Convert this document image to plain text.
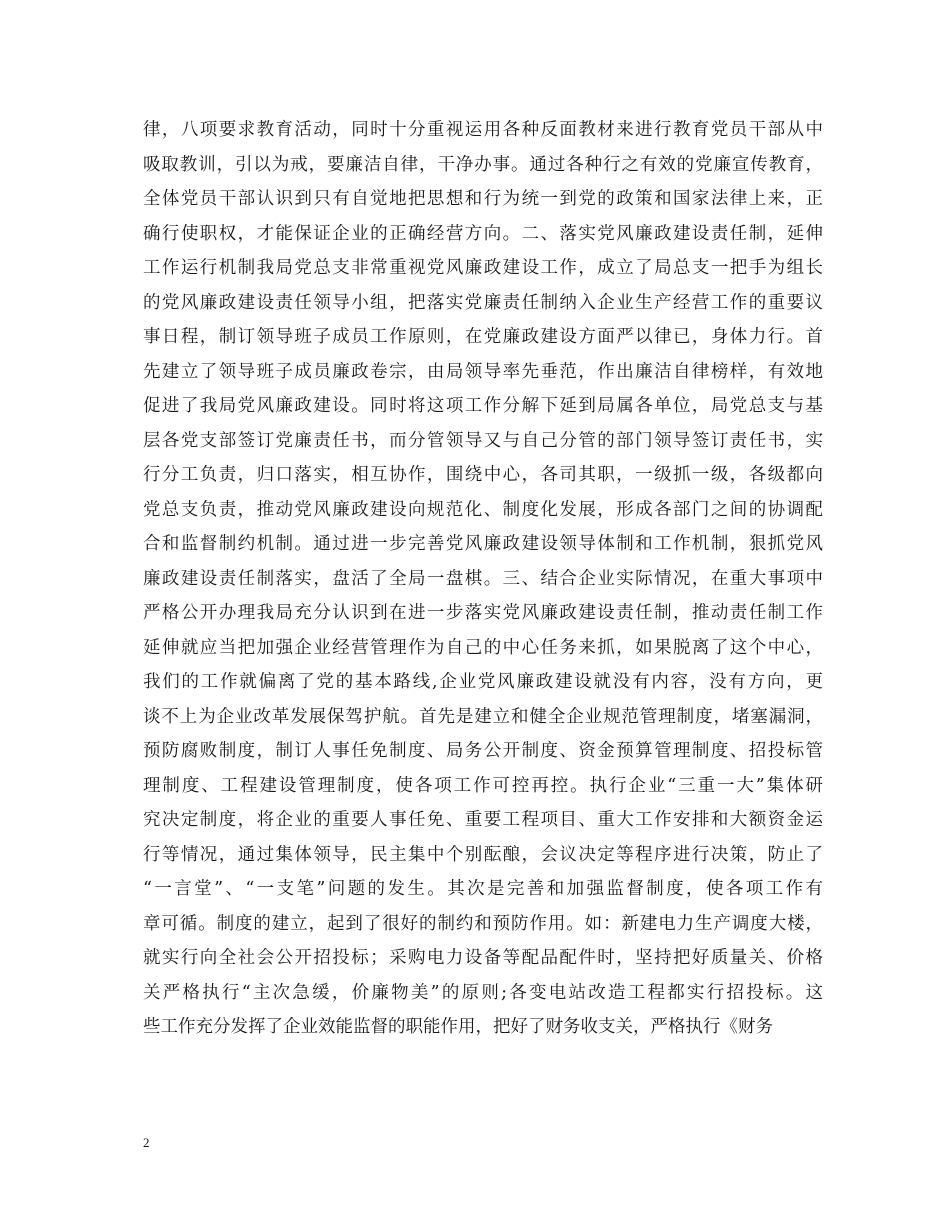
律，八项要求教育活动，同时十分重视运用各种反面教材来进行教育党员干部从中
吸取教训，引以为戒，要廉洁自律，干净办事。通过各种行之有效的党廉宣传教育，
全体党员干部认识到只有自觉地把思想和行为统一到党的政策和国家法律上来，正
确行使职权，才能保证企业的正确经营方向。二、落实党风廉政建设责任制，延伸
工作运行机制我局党总支非常重视党风廉政建设工作，成立了局总支一把手为组长
的党风廉政建设责任领导小组，把落实党廉责任制纳入企业生产经营工作的重要议
事日程，制订领导班子成员工作原则，在党廉政建设方面严以律已，身体力行。首
先建立了领导班子成员廉政卷宗，由局领导率先垂范，作出廉洁自律榜样，有效地
促进了我局党风廉政建设。同时将这项工作分解下延到局属各单位，局党总支与基
层各党支部签订党廉责任书，而分管领导又与自己分管的部门领导签订责任书，实
行分工负责，归口落实，相互协作，围绕中心，各司其职，一级抓一级，各级都向
党总支负责，推动党风廉政建设向规范化、制度化发展，形成各部门之间的协调配
合和监督制约机制。通过进一步完善党风廉政建设领导体制和工作机制，狠抓党风
廉政建设责任制落实，盘活了全局一盘棋。三、结合企业实际情况，在重大事项中
严格公开办理我局充分认识到在进一步落实党风廉政建设责任制，推动责任制工作
延伸就应当把加强企业经营管理作为自己的中心任务来抓，如果脱离了这个中心，
我们的工作就偏离了党的基本路线,企业党风廉政建设就没有内容，没有方向，更
谈不上为企业改革发展保驾护航。首先是建立和健全企业规范管理制度，堵塞漏洞，
预防腐败制度，制订人事任免制度、局务公开制度、资金预算管理制度、招投标管
理制度、工程建设管理制度，使各项工作可控再控。执行企业“三重一大”集体研
究决定制度，将企业的重要人事任免、重要工程项目、重大工作安排和大额资金运
行等情况，通过集体领导，民主集中个别酝酿，会议决定等程序进行决策，防止了
“一言堂”、“一支笔”问题的发生。其次是完善和加强监督制度，使各项工作有
章可循。制度的建立，起到了很好的制约和预防作用。如：新建电力生产调度大楼，
就实行向全社会公开招投标；采购电力设备等配品配件时，坚持把好质量关、价格
关严格执行“主次急缓，价廉物美”的原则;各变电站改造工程都实行招投标。这
些工作充分发挥了企业效能监督的职能作用，把好了财务收支关，严格执行《财务
2
